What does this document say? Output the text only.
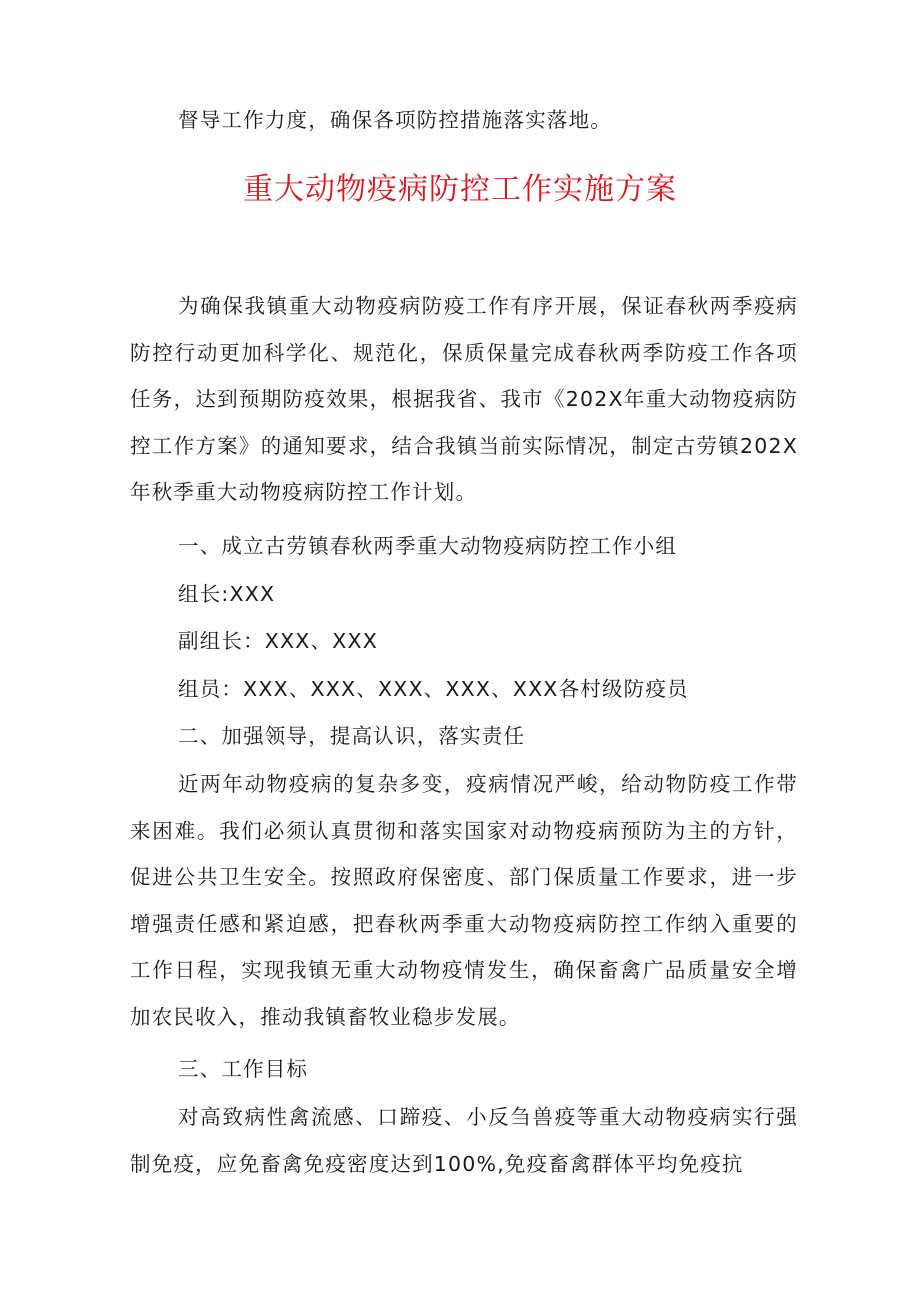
督导工作力度，确保各项防控措施落实落地。

重大动物疫病防控工作实施方案

为确保我镇重大动物疫病防疫工作有序开展，保证春秋两季疫病防控行动更加科学化、规范化，保质保量完成春秋两季防疫工作各项任务，达到预期防疫效果，根据我省、我市《202X年重大动物疫病防控工作方案》的通知要求，结合我镇当前实际情况，制定古劳镇202X年秋季重大动物疫病防控工作计划。

一、成立古劳镇春秋两季重大动物疫病防控工作小组

组长:XXX

副组长：XXX、XXX

组员：XXX、XXX、XXX、XXX、XXX各村级防疫员

二、加强领导，提高认识，落实责任

近两年动物疫病的复杂多变，疫病情况严峻，给动物防疫工作带来困难。我们必须认真贯彻和落实国家对动物疫病预防为主的方针，促进公共卫生安全。按照政府保密度、部门保质量工作要求，进一步增强责任感和紧迫感，把春秋两季重大动物疫病防控工作纳入重要的工作日程，实现我镇无重大动物疫情发生，确保畜禽广品质量安全增加农民收入，推动我镇畜牧业稳步发展。

三、工作目标

对高致病性禽流感、口蹄疫、小反刍兽疫等重大动物疫病实行强制免疫，应免畜禽免疫密度达到100%,免疫畜禽群体平均免疫抗
